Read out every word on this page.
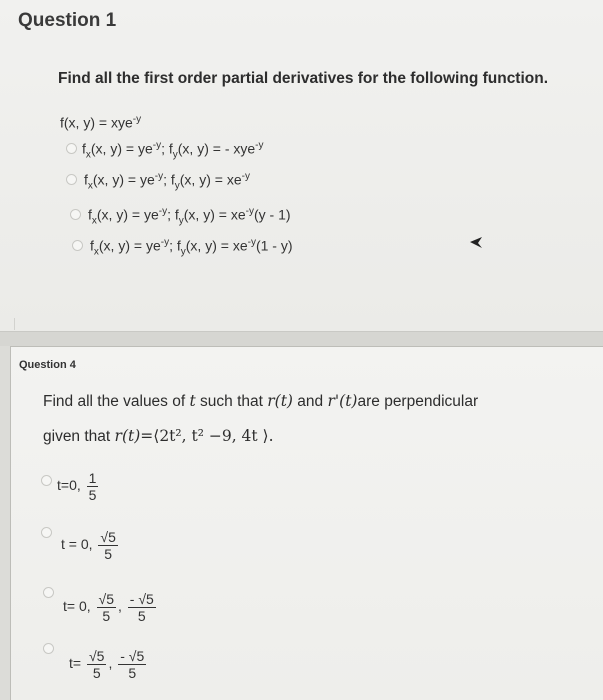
Question 1
Find all the first order partial derivatives for the following function.
f(x, y) = xye$^{-y}$
$f_x(x$, $y) = ye^{-y}$; $f_y(x$, y) = - xye$^{-y}$
$f_x(x$, $y) = ye^{-y}$; $f_y(x$, $y) = xe^{-y}$
$f_x(x$, $y) = ye^{-y}$; $f_y(x$, $y) = xe^{-y}(y - 1)$
$f_x(x$, $y) = ye^{-y}$; $f_y(x$, $y) = xe^{-y}(1 - y)$
Question 4
Find all the values of t such that r(t) and r'(t)are perpendicular
given that r(t)=⟨2t², t² −9, 4t ⟩.
t=0, $\frac{1}{5}$
t = 0, $\frac{√5}{5}$
t= 0, $\frac{√5}{5}$ , $\frac{- √5}{5}$
$t= \frac{√5}{5}$ , $\frac{- √5}{5}$
